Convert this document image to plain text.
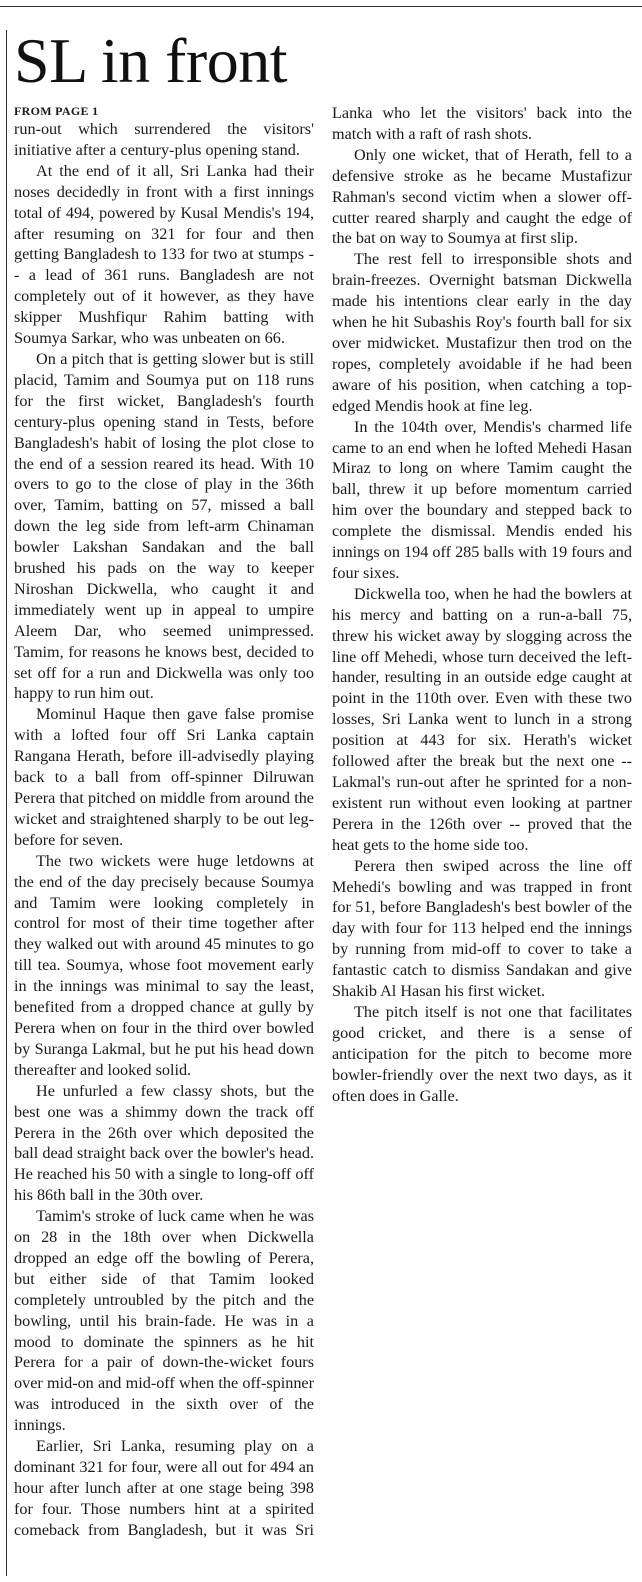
SL in front
FROM PAGE 1

run-out which surrendered the visitors' initiative after a century-plus opening stand.

At the end of it all, Sri Lanka had their noses decidedly in front with a first innings total of 494, powered by Kusal Mendis's 194, after resuming on 321 for four and then getting Bangladesh to 133 for two at stumps -- a lead of 361 runs. Bangladesh are not completely out of it however, as they have skipper Mushfiqur Rahim batting with Soumya Sarkar, who was unbeaten on 66.

On a pitch that is getting slower but is still placid, Tamim and Soumya put on 118 runs for the first wicket, Bangladesh's fourth century-plus opening stand in Tests, before Bangladesh's habit of losing the plot close to the end of a session reared its head. With 10 overs to go to the close of play in the 36th over, Tamim, batting on 57, missed a ball down the leg side from left-arm Chinaman bowler Lakshan Sandakan and the ball brushed his pads on the way to keeper Niroshan Dickwella, who caught it and immediately went up in appeal to umpire Aleem Dar, who seemed unimpressed. Tamim, for reasons he knows best, decided to set off for a run and Dickwella was only too happy to run him out.

Mominul Haque then gave false promise with a lofted four off Sri Lanka captain Rangana Herath, before ill-advisedly playing back to a ball from off-spinner Dilruwan Perera that pitched on middle from around the wicket and straightened sharply to be out leg-before for seven.

The two wickets were huge letdowns at the end of the day precisely because Soumya and Tamim were looking completely in control for most of their time together after they walked out with around 45 minutes to go till tea. Soumya, whose foot movement early in the innings was minimal to say the least, benefited from a dropped chance at gully by Perera when on four in the third over bowled by Suranga Lakmal, but he put his head down thereafter and looked solid.

He unfurled a few classy shots, but the best one was a shimmy down the track off Perera in the 26th over which deposited the ball dead straight back over the bowler's head. He reached his 50 with a single to long-off off his 86th ball in the 30th over.

Tamim's stroke of luck came when he was on 28 in the 18th over when Dickwella dropped an edge off the bowling of Perera, but either side of that Tamim looked completely untroubled by the pitch and the bowling, until his brain-fade. He was in a mood to dominate the spinners as he hit Perera for a pair of down-the-wicket fours over mid-on and mid-off when the off-spinner was introduced in the sixth over of the innings.

Earlier, Sri Lanka, resuming play on a dominant 321 for four, were all out for 494 an hour after lunch after at one stage being 398 for four. Those numbers hint at a spirited comeback from Bangladesh, but it was Sri Lanka who let the visitors' back into the match with a raft of rash shots.

Only one wicket, that of Herath, fell to a defensive stroke as he became Mustafizur Rahman's second victim when a slower off-cutter reared sharply and caught the edge of the bat on way to Soumya at first slip.

The rest fell to irresponsible shots and brain-freezes. Overnight batsman Dickwella made his intentions clear early in the day when he hit Subashis Roy's fourth ball for six over midwicket. Mustafizur then trod on the ropes, completely avoidable if he had been aware of his position, when catching a top-edged Mendis hook at fine leg.

In the 104th over, Mendis's charmed life came to an end when he lofted Mehedi Hasan Miraz to long on where Tamim caught the ball, threw it up before momentum carried him over the boundary and stepped back to complete the dismissal. Mendis ended his innings on 194 off 285 balls with 19 fours and four sixes.

Dickwella too, when he had the bowlers at his mercy and batting on a run-a-ball 75, threw his wicket away by slogging across the line off Mehedi, whose turn deceived the left-hander, resulting in an outside edge caught at point in the 110th over. Even with these two losses, Sri Lanka went to lunch in a strong position at 443 for six. Herath's wicket followed after the break but the next one -- Lakmal's run-out after he sprinted for a non-existent run without even looking at partner Perera in the 126th over -- proved that the heat gets to the home side too.

Perera then swiped across the line off Mehedi's bowling and was trapped in front for 51, before Bangladesh's best bowler of the day with four for 113 helped end the innings by running from mid-off to cover to take a fantastic catch to dismiss Sandakan and give Shakib Al Hasan his first wicket.

The pitch itself is not one that facilitates good cricket, and there is a sense of anticipation for the pitch to become more bowler-friendly over the next two days, as it often does in Galle.
